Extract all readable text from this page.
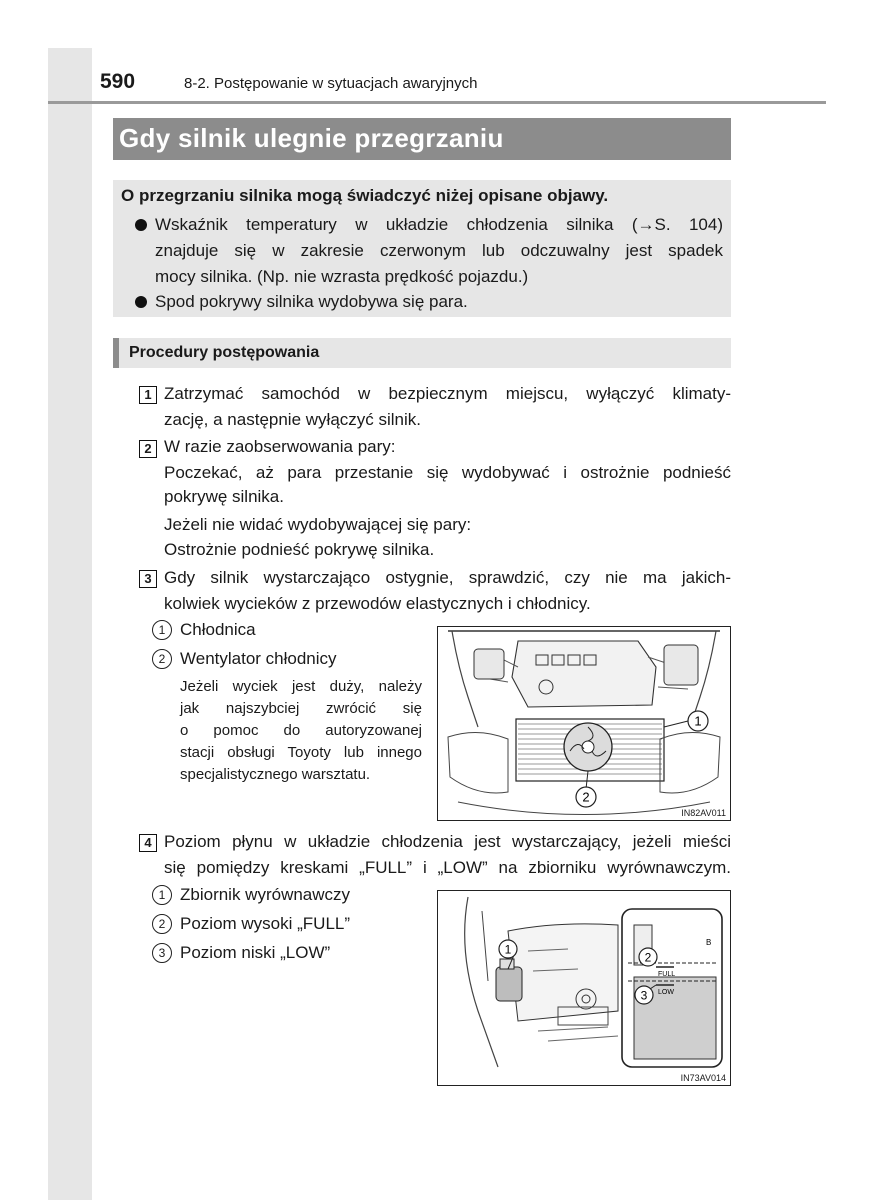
590	8-2. Postępowanie w sytuacjach awaryjnych
Gdy silnik ulegnie przegrzaniu
O przegrzaniu silnika mogą świadczyć niżej opisane objawy.
Wskaźnik temperatury w układzie chłodzenia silnika (→S. 104)
znajduje się w zakresie czerwonym lub odczuwalny jest spadek
mocy silnika. (Np. nie wzrasta prędkość pojazdu.)
Spod pokrywy silnika wydobywa się para.
Procedury postępowania
1 Zatrzymać samochód w bezpiecznym miejscu, wyłączyć klimaty-
zację, a następnie wyłączyć silnik.
2 W razie zaobserwowania pary:
Poczekać, aż para przestanie się wydobywać i ostrożnie podnieść
pokrywę silnika.
Jeżeli nie widać wydobywającej się pary:
Ostrożnie podnieść pokrywę silnika.
3 Gdy silnik wystarczająco ostygnie, sprawdzić, czy nie ma jakich-
kolwiek wycieków z przewodów elastycznych i chłodnicy.
1 Chłodnica
2 Wentylator chłodnicy
Jeżeli wyciek jest duży, należy
jak najszybciej zwrócić się
o pomoc do autoryzowanej
stacji obsługi Toyoty lub innego
specjalistycznego warsztatu.
1
2
IN82AV011
4 Poziom płynu w układzie chłodzenia jest wystarczający, jeżeli mieści
się pomiędzy kreskami „FULL” i „LOW” na zbiorniku wyrównawczym.
1 Zbiornik wyrównawczy
2 Poziom wysoki „FULL”
3 Poziom niski „LOW”
FULL
LOW
B
1
2
3
IN73AV014
